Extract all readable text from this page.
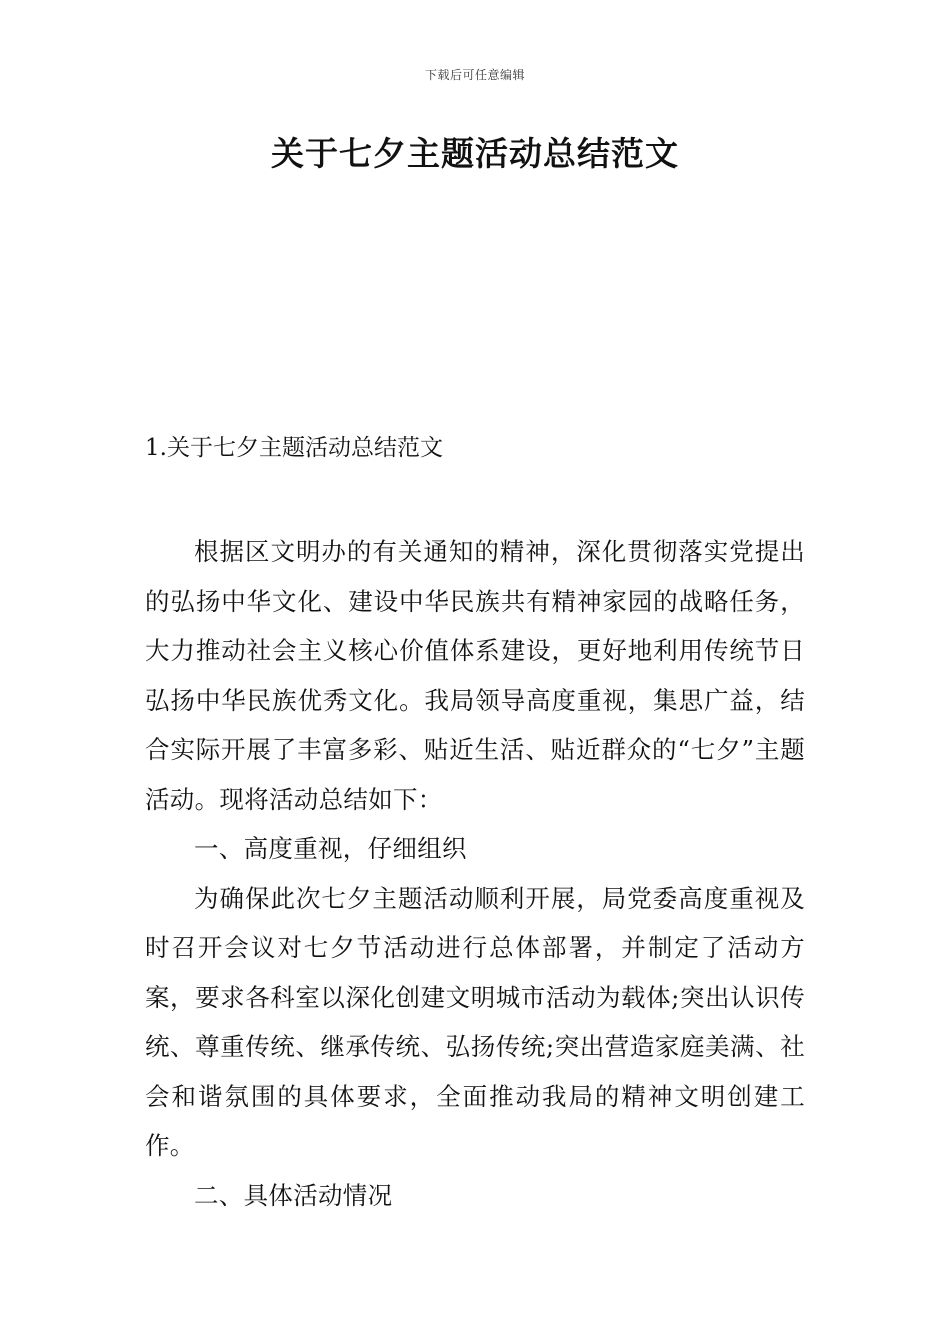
下载后可任意编辑
关于七夕主题活动总结范文
1.关于七夕主题活动总结范文

根据区文明办的有关通知的精神，深化贯彻落实党提出的弘扬中华文化、建设中华民族共有精神家园的战略任务，大力推动社会主义核心价值体系建设，更好地利用传统节日弘扬中华民族优秀文化。我局领导高度重视，集思广益，结合实际开展了丰富多彩、贴近生活、贴近群众的“七夕”主题活动。现将活动总结如下：

一、高度重视，仔细组织

为确保此次七夕主题活动顺利开展，局党委高度重视及时召开会议对七夕节活动进行总体部署，并制定了活动方案，要求各科室以深化创建文明城市活动为载体;突出认识传统、尊重传统、继承传统、弘扬传统;突出营造家庭美满、社会和谐氛围的具体要求，全面推动我局的精神文明创建工作。

二、具体活动情况
